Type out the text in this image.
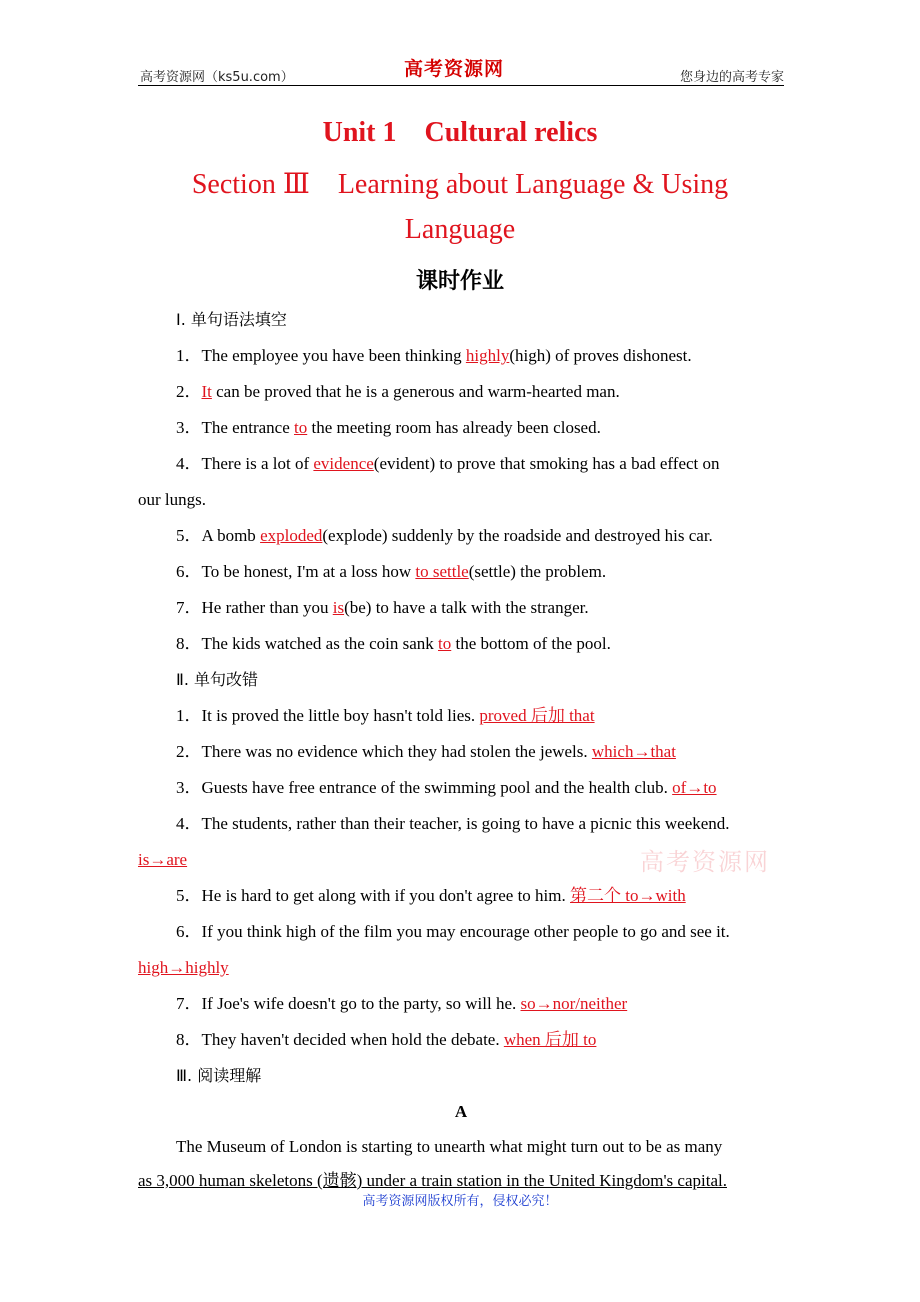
高考资源网（ks5u.com）	高考资源网	您身边的高考专家
Unit 1　Cultural relics
Section Ⅲ　Learning about Language & Using
Language
课时作业
Ⅰ. 单句语法填空
1．The employee you have been thinking highly(high) of proves dishonest.
2．It can be proved that he is a generous and warm-hearted man.
3．The entrance to the meeting room has already been closed.
4．There is a lot of evidence(evident) to prove that smoking has a bad effect on
our lungs.
5．A bomb exploded(explode) suddenly by the roadside and destroyed his car.
6．To be honest, I'm at a loss how to settle(settle) the problem.
7．He rather than you is(be) to have a talk with the stranger.
8．The kids watched as the coin sank to the bottom of the pool.
Ⅱ. 单句改错
1．It is proved the little boy hasn't told lies. proved 后加 that
2．There was no evidence which they had stolen the jewels. which→that
3．Guests have free entrance of the swimming pool and the health club. of→to
4．The students, rather than their teacher, is going to have a picnic this weekend.
is→are
5．He is hard to get along with if you don't agree to him. 第二个 to→with
6．If you think high of the film you may encourage other people to go and see it.
high→highly
7．If Joe's wife doesn't go to the party, so will he. so→nor/neither
8．They haven't decided when hold the debate. when 后加 to
Ⅲ. 阅读理解
A
The Museum of London is starting to unearth what might turn out to be as many
as 3,000 human skeletons (遗骸) under a train station in the United Kingdom's capital.
高考资源网
高考资源网版权所有，侵权必究！
